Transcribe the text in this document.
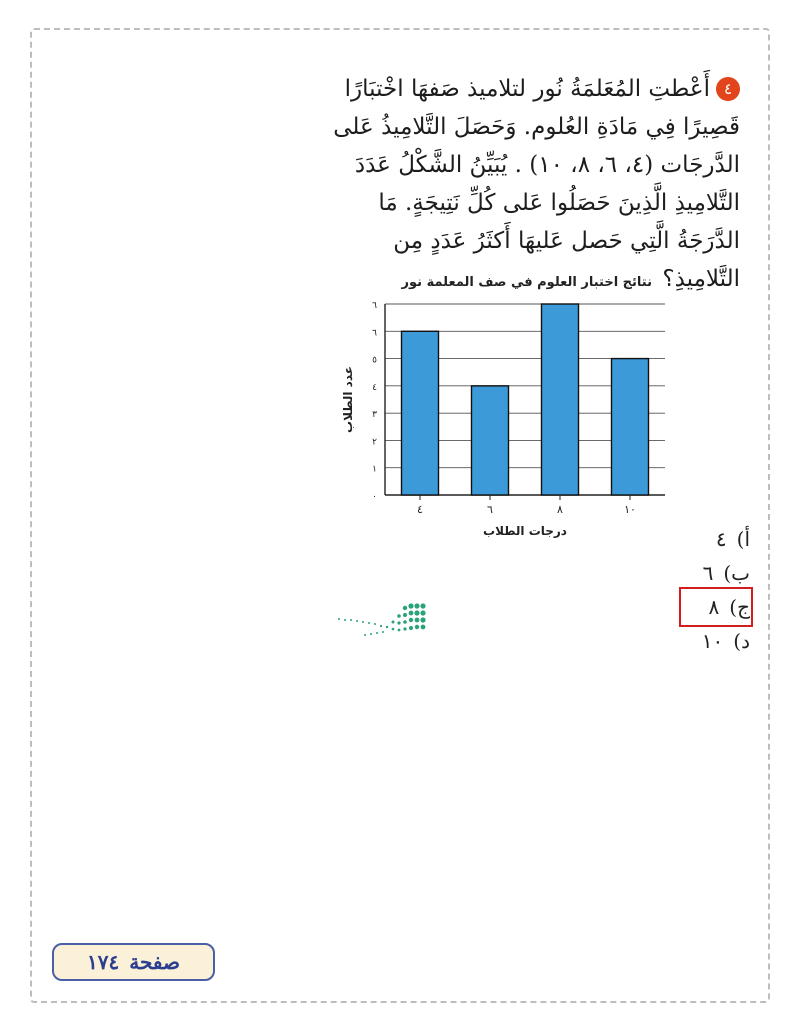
٤أَعْطتِ المُعَلمَةُ نُور لتلاميذ صَفهَا اخْتبَارًا قَصِيرًا فِي مَادَةِ العُلوم. وَحَصَلَ التَّلامِيذُ عَلى الدَّرجَات (٤، ٦، ٨، ١٠) . يُبَيِّنُ الشَّكْلُ عَدَدَ التَّلامِيذِ الَّذِينَ حَصَلُوا عَلى كُلِّ نَتِيجَةٍ. مَا الدَّرَجَةُ الَّتِي حَصل عَليهَا أَكثَرُ عَدَدٍ مِن التَّلامِيذِ؟
نتائج اختبار العلوم في صف المعلمة نور
٠
١
٢
٣
٤
٥
٦
٦
٤	٦	٨	١٠
درجات الطلاب
عدد الطلاب
أ)
٤
ب)
٦
ج)
٨
د)
١٠
صفحة
١٧٤
